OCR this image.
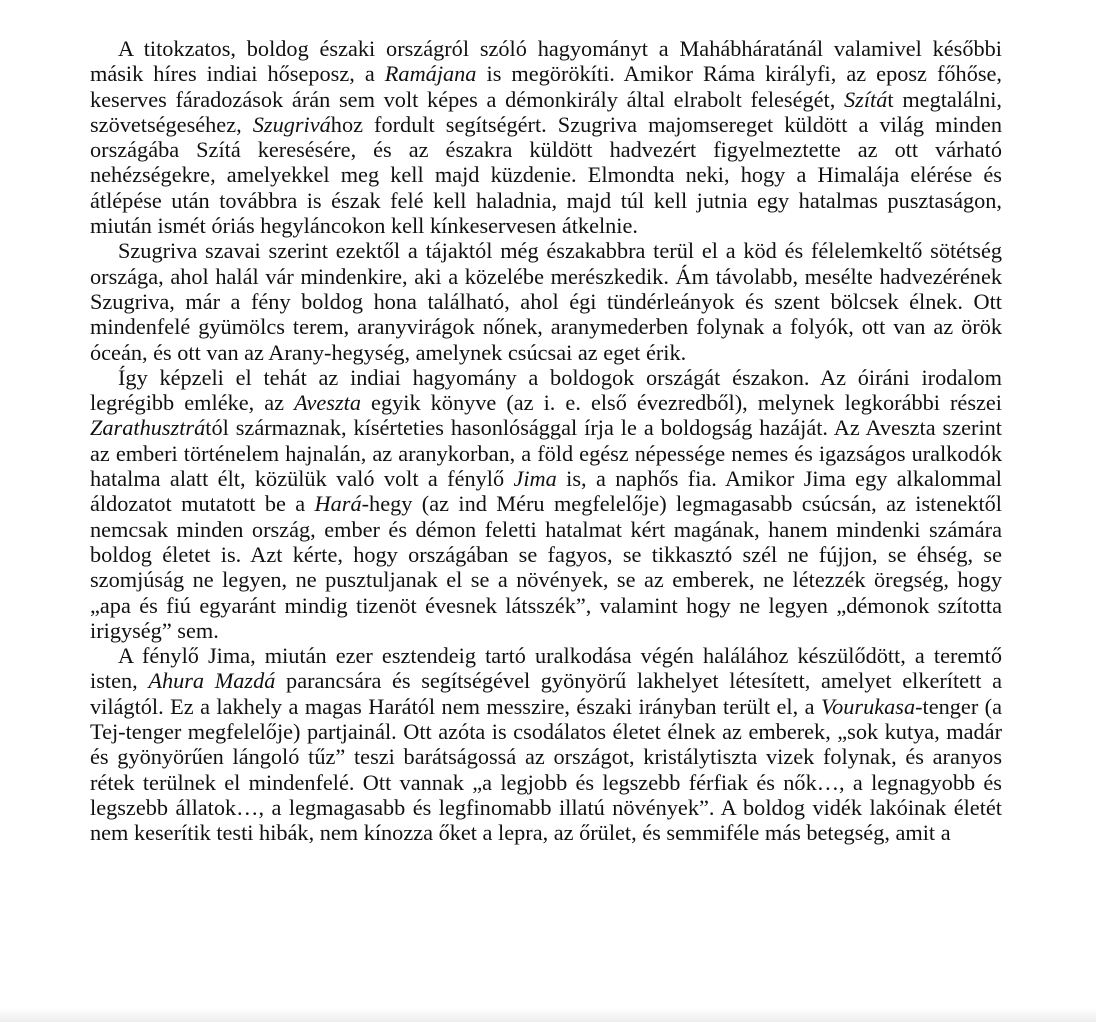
A titokzatos, boldog északi országról szóló hagyományt a Mahábháratánál valamivel későbbi másik híres indiai hőseposz, a Ramájana is megörökíti. Amikor Ráma királyfi, az eposz főhőse, keserves fáradozások árán sem volt képes a démonkirály által elrabolt feleségét, Szítát megtalálni, szövetségeséhez, Szugrivához fordult segítségért. Szugriva majomsereget küldött a világ minden országába Szítá keresésére, és az északra küldött hadvezért figyelmeztette az ott várható nehézségekre, amelyekkel meg kell majd küzdenie. Elmondta neki, hogy a Himalája elérése és átlépése után továbbra is észak felé kell haladnia, majd túl kell jutnia egy hatalmas pusztaságon, miután ismét óriás hegyláncokon kell kínkeservesen átkelnie.

Szugriva szavai szerint ezektől a tájaktól még északabbra terül el a köd és félelemkeltő sötétség országa, ahol halál vár mindenkire, aki a közelébe merészkedik. Ám távolabb, mesélte hadvezérének Szugriva, már a fény boldog hona található, ahol égi tündérleányok és szent bölcsek élnek. Ott mindenfelé gyümölcs terem, aranyvirágok nőnek, aranymederben folynak a folyók, ott van az örök óceán, és ott van az Arany-hegység, amelynek csúcsai az eget érik.

Így képzeli el tehát az indiai hagyomány a boldogok országát északon. Az óiráni irodalom legrégibb emléke, az Aveszta egyik könyve (az i. e. első évezredből), melynek legkorábbi részei Zarathusztrától származnak, kísérteties hasonlósággal írja le a boldogság hazáját. Az Aveszta szerint az emberi történelem hajnalán, az aranykorban, a föld egész népessége nemes és igazságos uralkodók hatalma alatt élt, közülük való volt a fénylő Jima is, a naphős fia. Amikor Jima egy alkalommal áldozatot mutatott be a Hará-hegy (az ind Méru megfelelője) legmagasabb csúcsán, az istenektől nemcsak minden ország, ember és démon feletti hatalmat kért magának, hanem mindenki számára boldog életet is. Azt kérte, hogy országában se fagyos, se tikkasztó szél ne fújjon, se éhség, se szomjúság ne legyen, ne pusztuljanak el se a növények, se az emberek, ne létezzék öregség, hogy „apa és fiú egyaránt mindig tizenöt évesnek látsszék”, valamint hogy ne legyen „démonok szította irigység” sem.

A fénylő Jima, miután ezer esztendeig tartó uralkodása végén halálához készülődött, a teremtő isten, Ahura Mazdá parancsára és segítségével gyönyörű lakhelyet létesített, amelyet elkerített a világtól. Ez a lakhely a magas Harától nem messzire, északi irányban terült el, a Vourukasa-tenger (a Tej-tenger megfelelője) partjainál. Ott azóta is csodálatos életet élnek az emberek, „sok kutya, madár és gyönyörűen lángoló tűz” teszi barátságossá az országot, kristálytiszta vizek folynak, és aranyos rétek terülnek el mindenfelé. Ott vannak „a legjobb és legszebb férfiak és nők…, a legnagyobb és legszebb állatok…, a legmagasabb és legfinomabb illatú növények”. A boldog vidék lakóinak életét nem keserítik testi hibák, nem kínozza őket a lepra, az őrület, és semmiféle más betegség, amit a
